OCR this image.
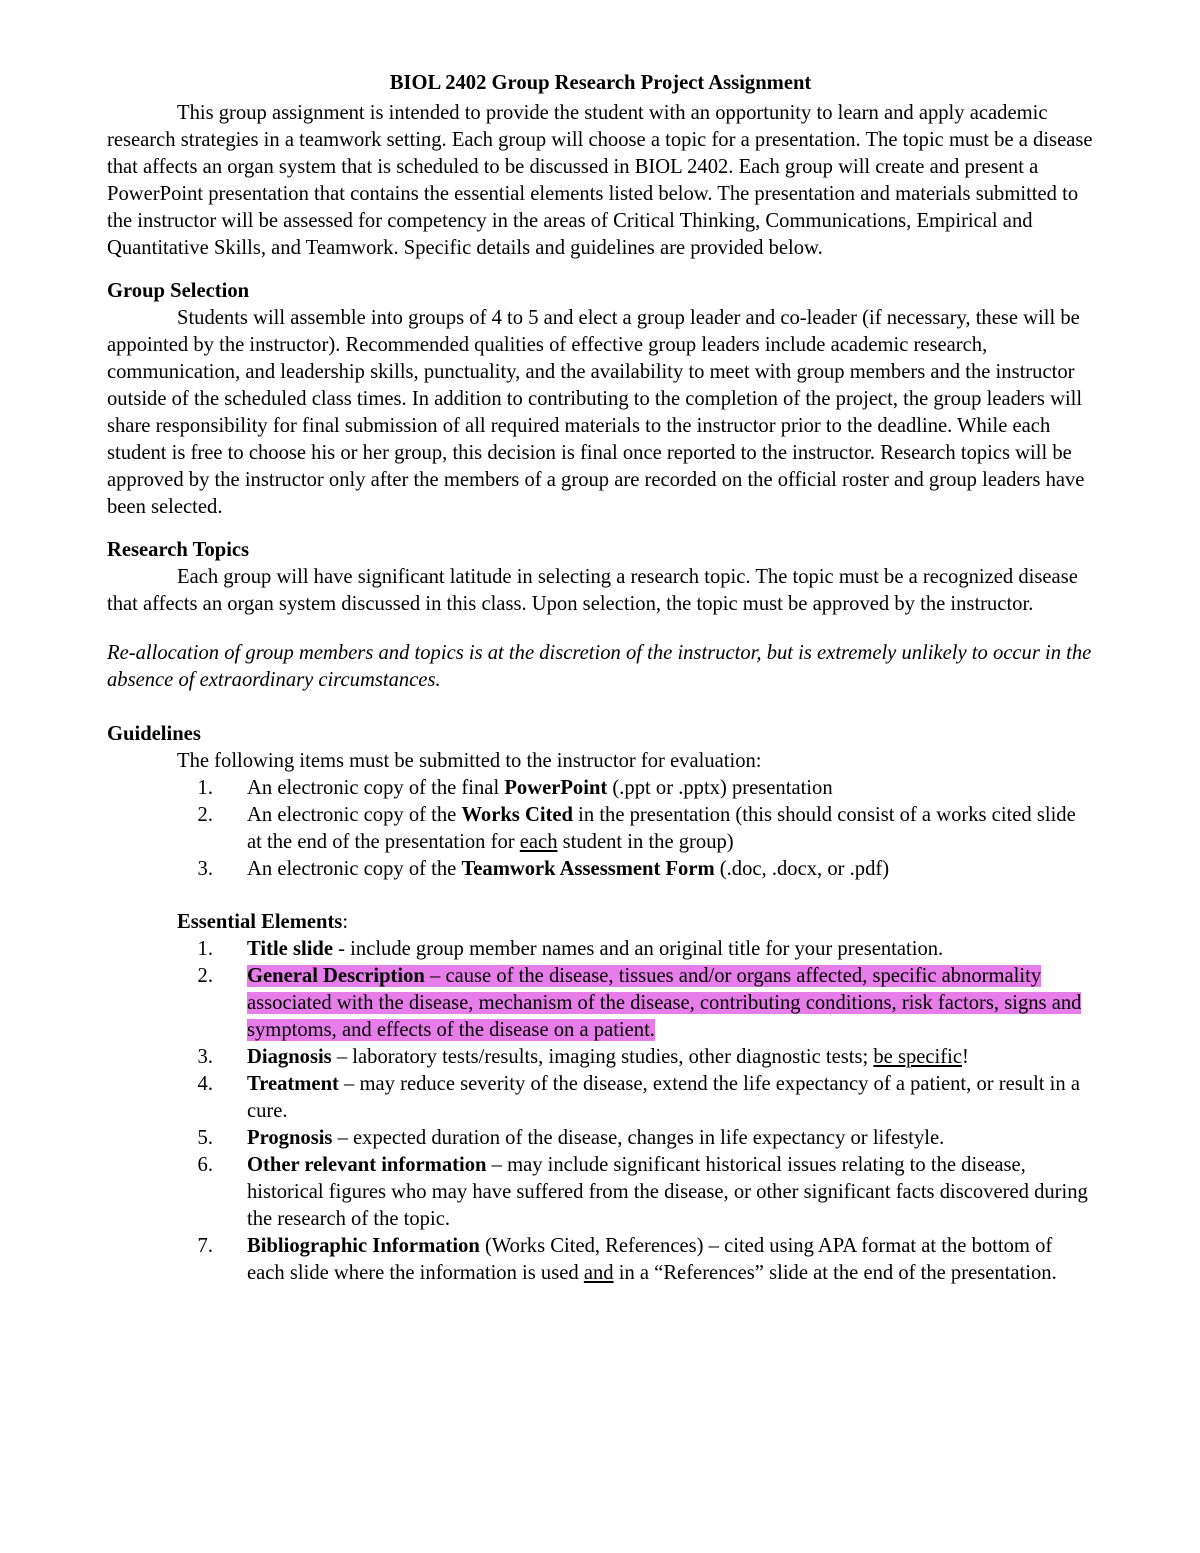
BIOL 2402 Group Research Project Assignment

This group assignment is intended to provide the student with an opportunity to learn and apply academic research strategies in a teamwork setting. Each group will choose a topic for a presentation. The topic must be a disease that affects an organ system that is scheduled to be discussed in BIOL 2402. Each group will create and present a PowerPoint presentation that contains the essential elements listed below. The presentation and materials submitted to the instructor will be assessed for competency in the areas of Critical Thinking, Communications, Empirical and Quantitative Skills, and Teamwork. Specific details and guidelines are provided below.

Group Selection

Students will assemble into groups of 4 to 5 and elect a group leader and co-leader (if necessary, these will be appointed by the instructor). Recommended qualities of effective group leaders include academic research, communication, and leadership skills, punctuality, and the availability to meet with group members and the instructor outside of the scheduled class times. In addition to contributing to the completion of the project, the group leaders will share responsibility for final submission of all required materials to the instructor prior to the deadline. While each student is free to choose his or her group, this decision is final once reported to the instructor. Research topics will be approved by the instructor only after the members of a group are recorded on the official roster and group leaders have been selected.

Research Topics

Each group will have significant latitude in selecting a research topic. The topic must be a recognized disease that affects an organ system discussed in this class. Upon selection, the topic must be approved by the instructor.

Re-allocation of group members and topics is at the discretion of the instructor, but is extremely unlikely to occur in the absence of extraordinary circumstances.

Guidelines

The following items must be submitted to the instructor for evaluation:

1. An electronic copy of the final PowerPoint (.ppt or .pptx) presentation
2. An electronic copy of the Works Cited in the presentation (this should consist of a works cited slide at the end of the presentation for each student in the group)
3. An electronic copy of the Teamwork Assessment Form (.doc, .docx, or .pdf)

Essential Elements:

1. Title slide - include group member names and an original title for your presentation.
2. General Description – cause of the disease, tissues and/or organs affected, specific abnormality associated with the disease, mechanism of the disease, contributing conditions, risk factors, signs and symptoms, and effects of the disease on a patient.
3. Diagnosis – laboratory tests/results, imaging studies, other diagnostic tests; be specific!
4. Treatment – may reduce severity of the disease, extend the life expectancy of a patient, or result in a cure.
5. Prognosis – expected duration of the disease, changes in life expectancy or lifestyle.
6. Other relevant information – may include significant historical issues relating to the disease, historical figures who may have suffered from the disease, or other significant facts discovered during the research of the topic.
7. Bibliographic Information (Works Cited, References) – cited using APA format at the bottom of each slide where the information is used and in a “References” slide at the end of the presentation.
